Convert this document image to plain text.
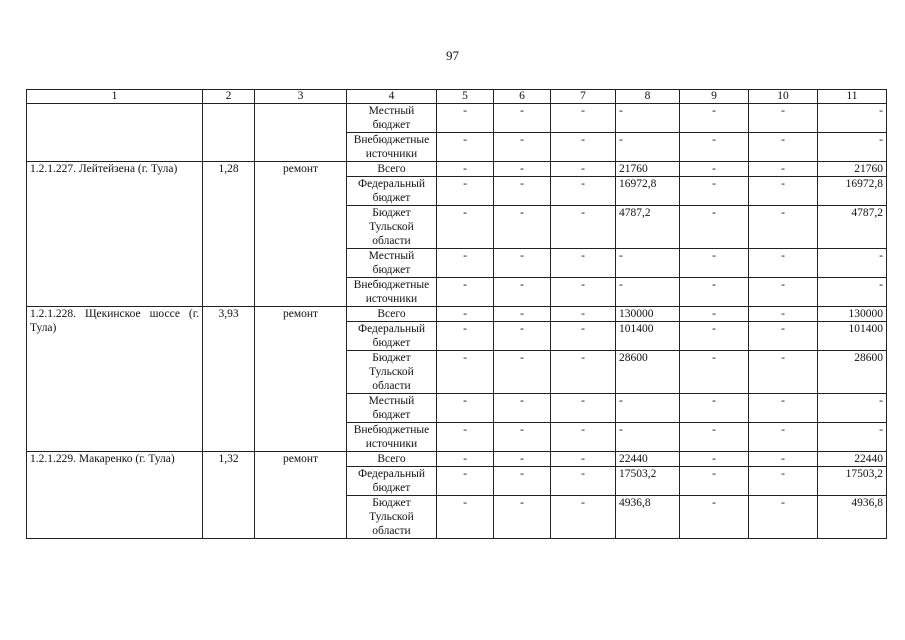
97
1	2	3	4	5	6	7	8	9	10	11
			Местный бюджет	-	-	-	-	-	-	-
			Внебюджетные источники	-	-	-	-	-	-	-

1.2.1.227. Лейтейзена (г. Тула)	1,28	ремонт	Всего	-	-	-	21760	-	-	21760
			Федеральный бюджет	-	-	-	16972,8	-	-	16972,8
			Бюджет Тульской области	-	-	-	4787,2	-	-	4787,2
			Местный бюджет	-	-	-	-	-	-	-
			Внебюджетные источники	-	-	-	-	-	-	-

1.2.1.228. Щекинское шоссе (г. Тула)	3,93	ремонт	Всего	-	-	-	130000	-	-	130000
			Федеральный бюджет	-	-	-	101400	-	-	101400
			Бюджет Тульской области	-	-	-	28600	-	-	28600
			Местный бюджет	-	-	-	-	-	-	-
			Внебюджетные источники	-	-	-	-	-	-	-

1.2.1.229. Макаренко (г. Тула)	1,32	ремонт	Всего	-	-	-	22440	-	-	22440
			Федеральный бюджет	-	-	-	17503,2	-	-	17503,2
			Бюджет Тульской области	-	-	-	4936,8	-	-	4936,8
